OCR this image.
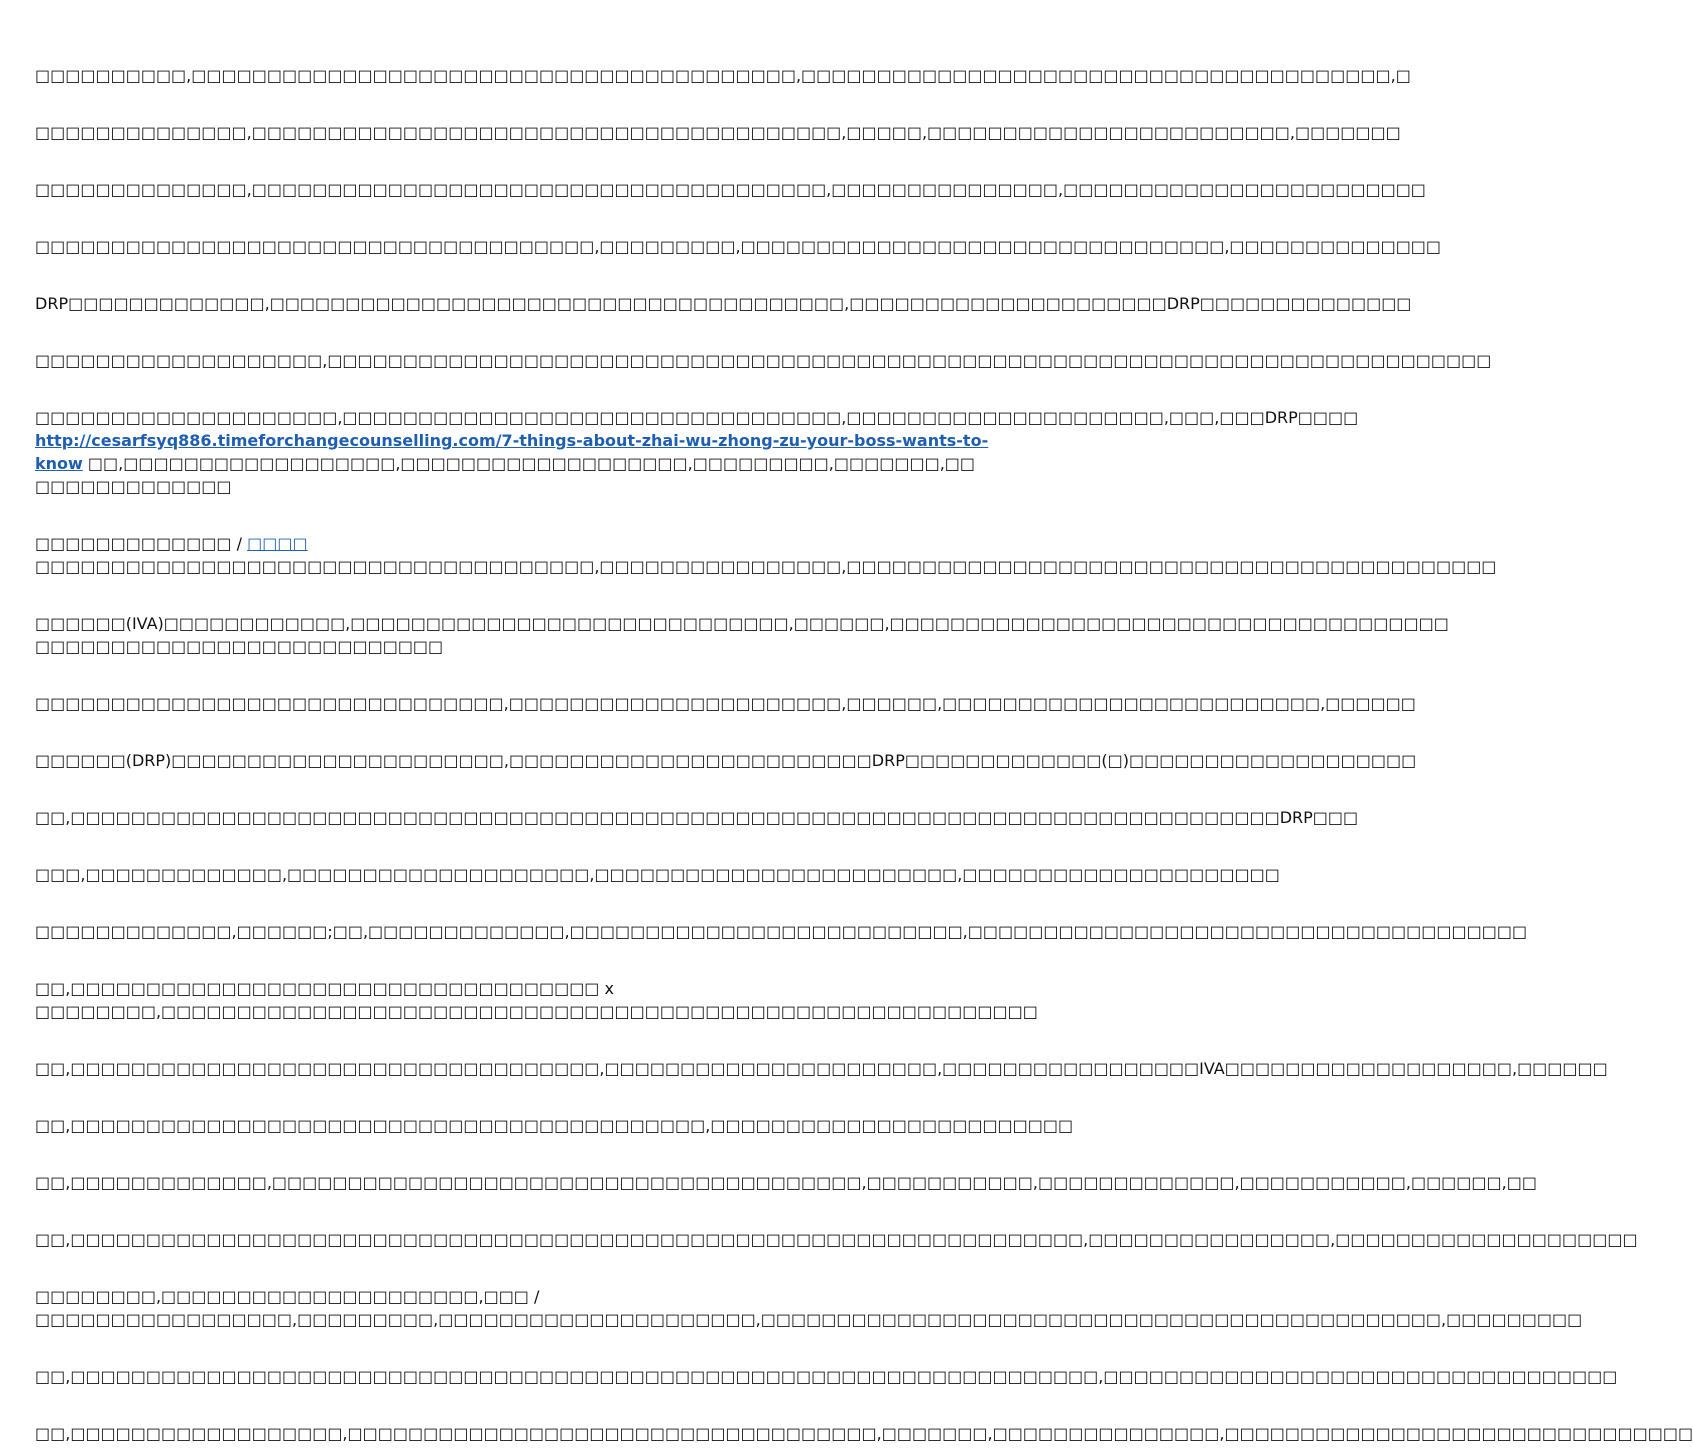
□□□□□□□□□□,□□□□□□□□□□□□□□□□□□□□□□□□□□□□□□□□□□□□□□□□,□□□□□□□□□□□□□□□□□□□□□□□□□□□□□□□□□□□□□□□,□

□□□□□□□□□□□□□□,□□□□□□□□□□□□□□□□□□□□□□□□□□□□□□□□□□□□□□□,□□□□□,□□□□□□□□□□□□□□□□□□□□□□□□,□□□□□□□

□□□□□□□□□□□□□□,□□□□□□□□□□□□□□□□□□□□□□□□□□□□□□□□□□□□□□,□□□□□□□□□□□□□□□,□□□□□□□□□□□□□□□□□□□□□□□□

□□□□□□□□□□□□□□□□□□□□□□□□□□□□□□□□□□□□□,□□□□□□□□□,□□□□□□□□□□□□□□□□□□□□□□□□□□□□□□□□,□□□□□□□□□□□□□□

DRP□□□□□□□□□□□□□,□□□□□□□□□□□□□□□□□□□□□□□□□□□□□□□□□□□□□□,□□□□□□□□□□□□□□□□□□□□□DRP□□□□□□□□□□□□□□

□□□□□□□□□□□□□□□□□□□,□□□□□□□□□□□□□□□□□□□□□□□□□□□□□□□□□□□□□□□□□□□□□□□□□□□□□□□□□□□□□□□□□□□□□□□□□□□□□

□□□□□□□□□□□□□□□□□□□□,□□□□□□□□□□□□□□□□□□□□□□□□□□□□□□□□□,□□□□□□□□□□□□□□□□□□□□□,□□□,□□□DRP□□□□

http://cesarfsyq886.timeforchangecounselling.com/7-things-about-zhai-wu-zhong-zu-your-boss-wants-to-know □□,□□□□□□□□□□□□□□□□□□,□□□□□□□□□□□□□□□□□□□,□□□□□□□□□,□□□□□□□,□□□□□□□□□□□□□□□

□□□□□□□□□□□□□ / □□□□

□□□□□□□□□□□□□□□□□□□□□□□□□□□□□□□□□□□□□,□□□□□□□□□□□□□□□□,□□□□□□□□□□□□□□□□□□□□□□□□□□□□□□□□□□□□□□□□□□□

□□□□□□(IVA)□□□□□□□□□□□□,□□□□□□□□□□□□□□□□□□□□□□□□□□□□□,□□□□□□,□□□□□□□□□□□□□□□□□□□□□□□□□□□□□□□□□□□□□

□□□□□□□□□□□□□□□□□□□□□□□□□□□

□□□□□□□□□□□□□□□□□□□□□□□□□□□□□□□,□□□□□□□□□□□□□□□□□□□□□□,□□□□□□,□□□□□□□□□□□□□□□□□□□□□□□□□,□□□□□□

□□□□□□(DRP)□□□□□□□□□□□□□□□□□□□□□□,□□□□□□□□□□□□□□□□□□□□□□□□DRP□□□□□□□□□□□□□(□)□□□□□□□□□□□□□□□□□□□

□□,□□□□□□□□□□□□□□□□□□□□□□□□□□□□□□□□□□□□□□□□□□□□□□□□□□□□□□□□□□□□□□□□□□□□□□□□□□□□□□□□DRP□□□

□□□,□□□□□□□□□□□□□,□□□□□□□□□□□□□□□□□□□□,□□□□□□□□□□□□□□□□□□□□□□□□,□□□□□□□□□□□□□□□□□□□□□

□□□□□□□□□□□□□,□□□□□□;□□,□□□□□□□□□□□□□,□□□□□□□□□□□□□□□□□□□□□□□□□□,□□□□□□□□□□□□□□□□□□□□□□□□□□□□□□□□□□□□□

□□,□□□□□□□□□□□□□□□□□□□□□□□□□□□□□□□□□□□ x

□□□□□□□□,□□□□□□□□□□□□□□□□□□□□□□□□□□□□□□□□□□□□□□□□□□□□□□□□□□□□□□□□□□

□□,□□□□□□□□□□□□□□□□□□□□□□□□□□□□□□□□□□□,□□□□□□□□□□□□□□□□□□□□□□,□□□□□□□□□□□□□□□□□IVA□□□□□□□□□□□□□□□□□□□,□□□□□□

□□,□□□□□□□□□□□□□□□□□□□□□□□□□□□□□□□□□□□□□□□□□□,□□□□□□□□□□□□□□□□□□□□□□□□

□□,□□□□□□□□□□□□□,□□□□□□□□□□□□□□□□□□□□□□□□□□□□□□□□□□□□□□□,□□□□□□□□□□□,□□□□□□□□□□□□□,□□□□□□□□□□□,□□□□□□,□□

□□,□□□□□□□□□□□□□□□□□□□□□□□□□□□□□□□□□□□□□□□□□□□□□□□□□□□□□□□□□□□□□□□□□□□,□□□□□□□□□□□□□□□□,□□□□□□□□□□□□□□□□□□□□

□□□□□□□□,□□□□□□□□□□□□□□□□□□□□□,□□□ /

□□□□□□□□□□□□□□□□□,□□□□□□□□□,□□□□□□□□□□□□□□□□□□□□□,□□□□□□□□□□□□□□□□□□□□□□□□□□□□□□□□□□□□□□□□□□□□□,□□□□□□□□□

□□,□□□□□□□□□□□□□□□□□□□□□□□□□□□□□□□□□□□□□□□□□□□□□□□□□□□□□□□□□□□□□□□□□□□□,□□□□□□□□□□□□□□□□□□□□□□□□□□□□□□□□□□

□□,□□□□□□□□□□□□□□□□□□,□□□□□□□□□□□□□□□□□□□□□□□□□□□□□□□□□□□,□□□□□□□,□□□□□□□□□□□□□□□,□□□□□□□□□□□□□□□□□□□□□□□□□□□□□□□
